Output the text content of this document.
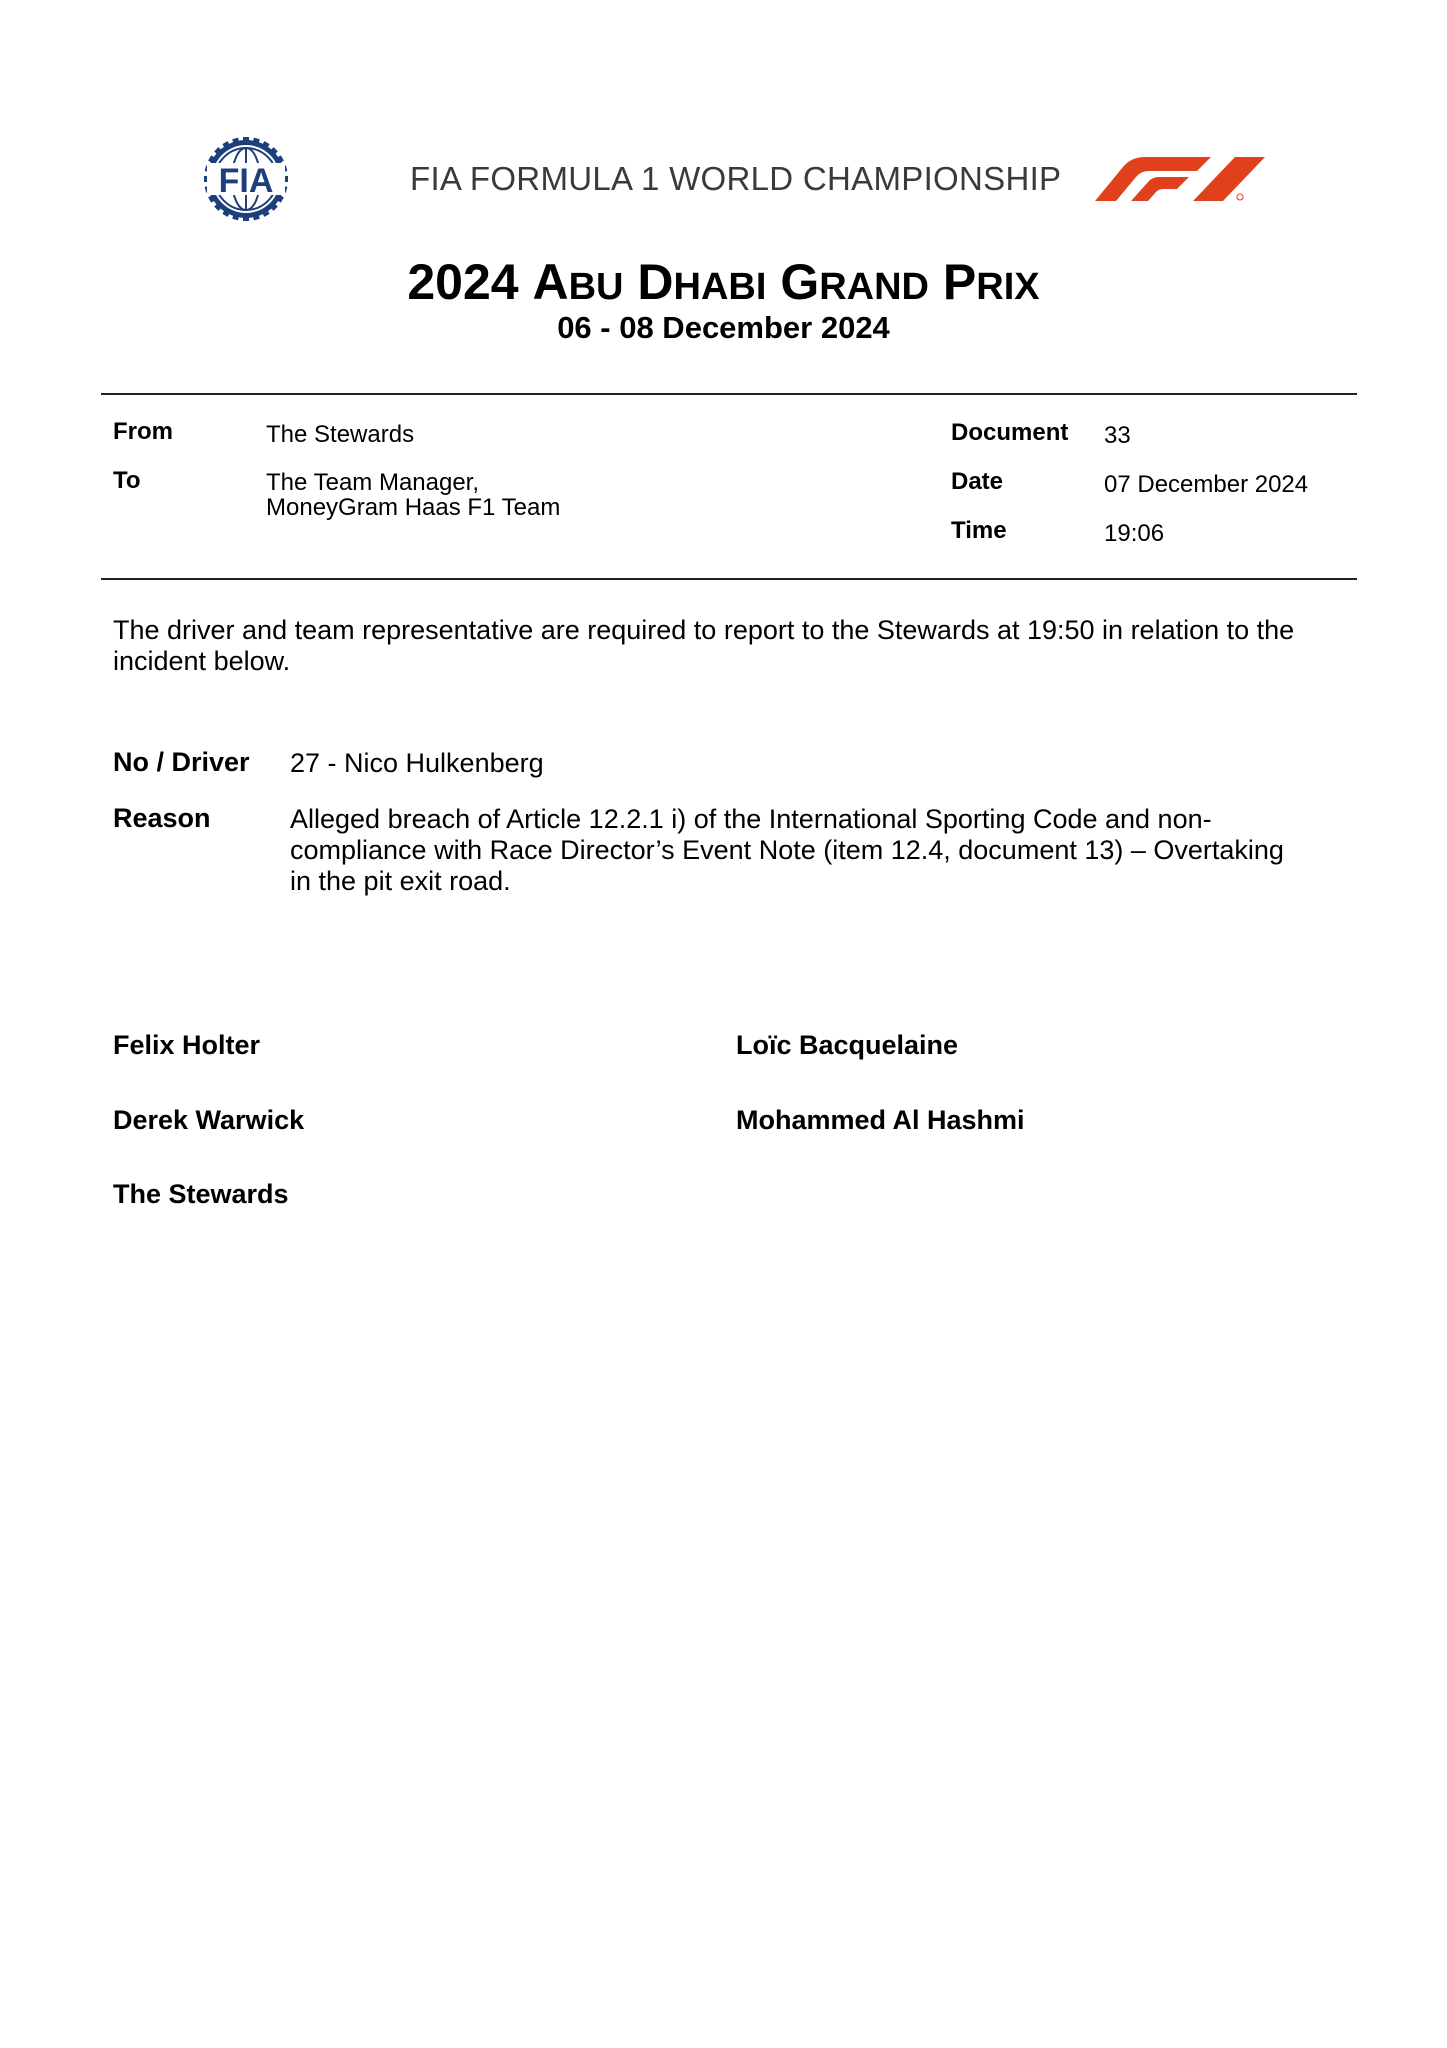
FIA	FIA FORMULA 1 WORLD CHAMPIONSHIP
2024 ABU DHABI GRAND PRIX
06 - 08 December 2024
From	The Stewards
To	The Team Manager,
MoneyGram Haas F1 Team
Document 33
Date	07 December 2024
Time	19:06
The driver and team representative are required to report to the Stewards at 19:50 in relation to the
incident below.
No / Driver 27 - Nico Hulkenberg
Reason	Alleged breach of Article 12.2.1 i) of the International Sporting Code and non-
compliance with Race Director’s Event Note (item 12.4, document 13) – Overtaking
in the pit exit road.
Felix Holter	Loïc Bacquelaine
Derek Warwick	Mohammed Al Hashmi
The Stewards
